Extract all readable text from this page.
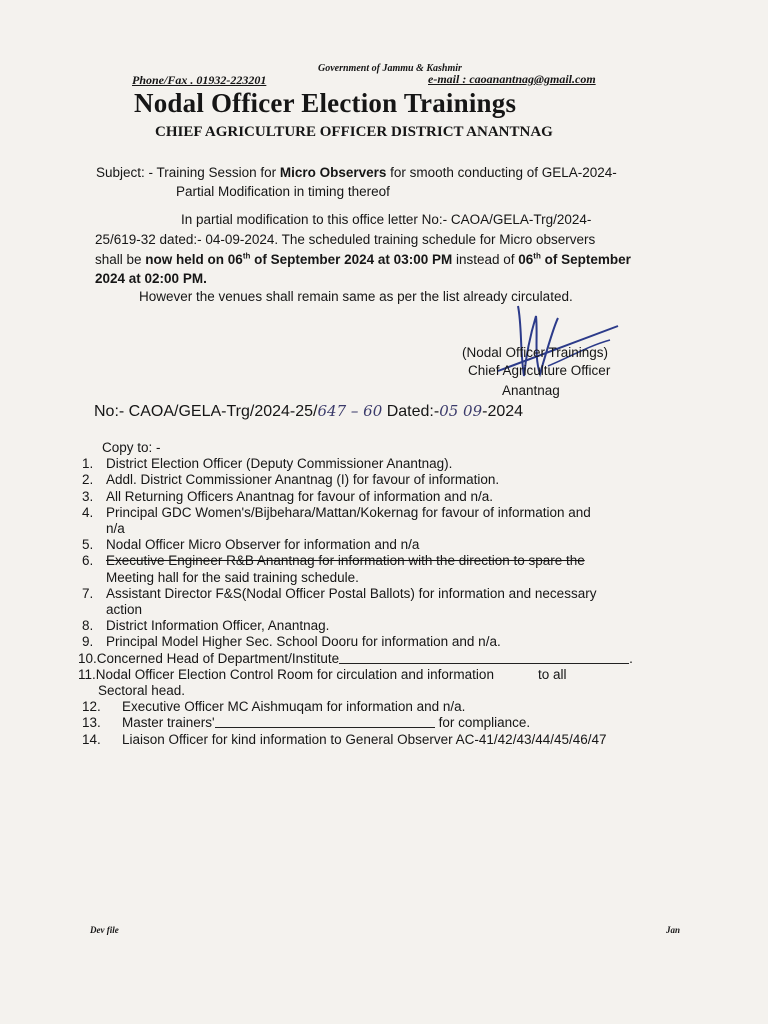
Government of Jammu & Kashmir
Phone/Fax . 01932-223201	e-mail : caoanantnag@gmail.com
Nodal Officer Election Trainings
CHIEF AGRICULTURE OFFICER DISTRICT ANANTNAG
Subject: - Training Session for Micro Observers for smooth conducting of GELA-2024-
Partial Modification in timing thereof
In partial modification to this office letter No:- CAOA/GELA-Trg/2024-
25/619-32 dated:- 04-09-2024. The scheduled training schedule for Micro observers
shall be now held on 06th of September 2024 at 03:00 PM instead of 06th of September
2024 at 02:00 PM.
However the venues shall remain same as per the list already circulated.
(Nodal Officer Trainings)
Chief Agriculture Officer
Anantnag
No:- CAOA/GELA-Trg/2024-25/647 – 60 Dated:-05 09-2024
Copy to: -
1. District Election Officer (Deputy Commissioner Anantnag).
2. Addl. District Commissioner Anantnag (I) for favour of information.
3. All Returning Officers Anantnag for favour of information and n/a.
4. Principal GDC Women's/Bijbehara/Mattan/Kokernag for favour of information and
n/a
5. Nodal Officer Micro Observer for information and n/a
6. Executive Engineer R&B Anantnag for information with the direction to spare the
Meeting hall for the said training schedule.
7. Assistant Director F&S(Nodal Officer Postal Ballots) for information and necessary
action
8. District Information Officer, Anantnag.
9. Principal Model Higher Sec. School Dooru for information and n/a.
10. Concerned Head of Department/Institute	.
11. Nodal Officer Election Control Room for circulation and information	to all
Sectoral head.
12.	Executive Officer MC Aishmuqam for information and n/a.
13.	Master trainers'	for compliance.
14.	Liaison Officer for kind information to General Observer AC-41/42/43/44/45/46/47
Dev file	Jan
